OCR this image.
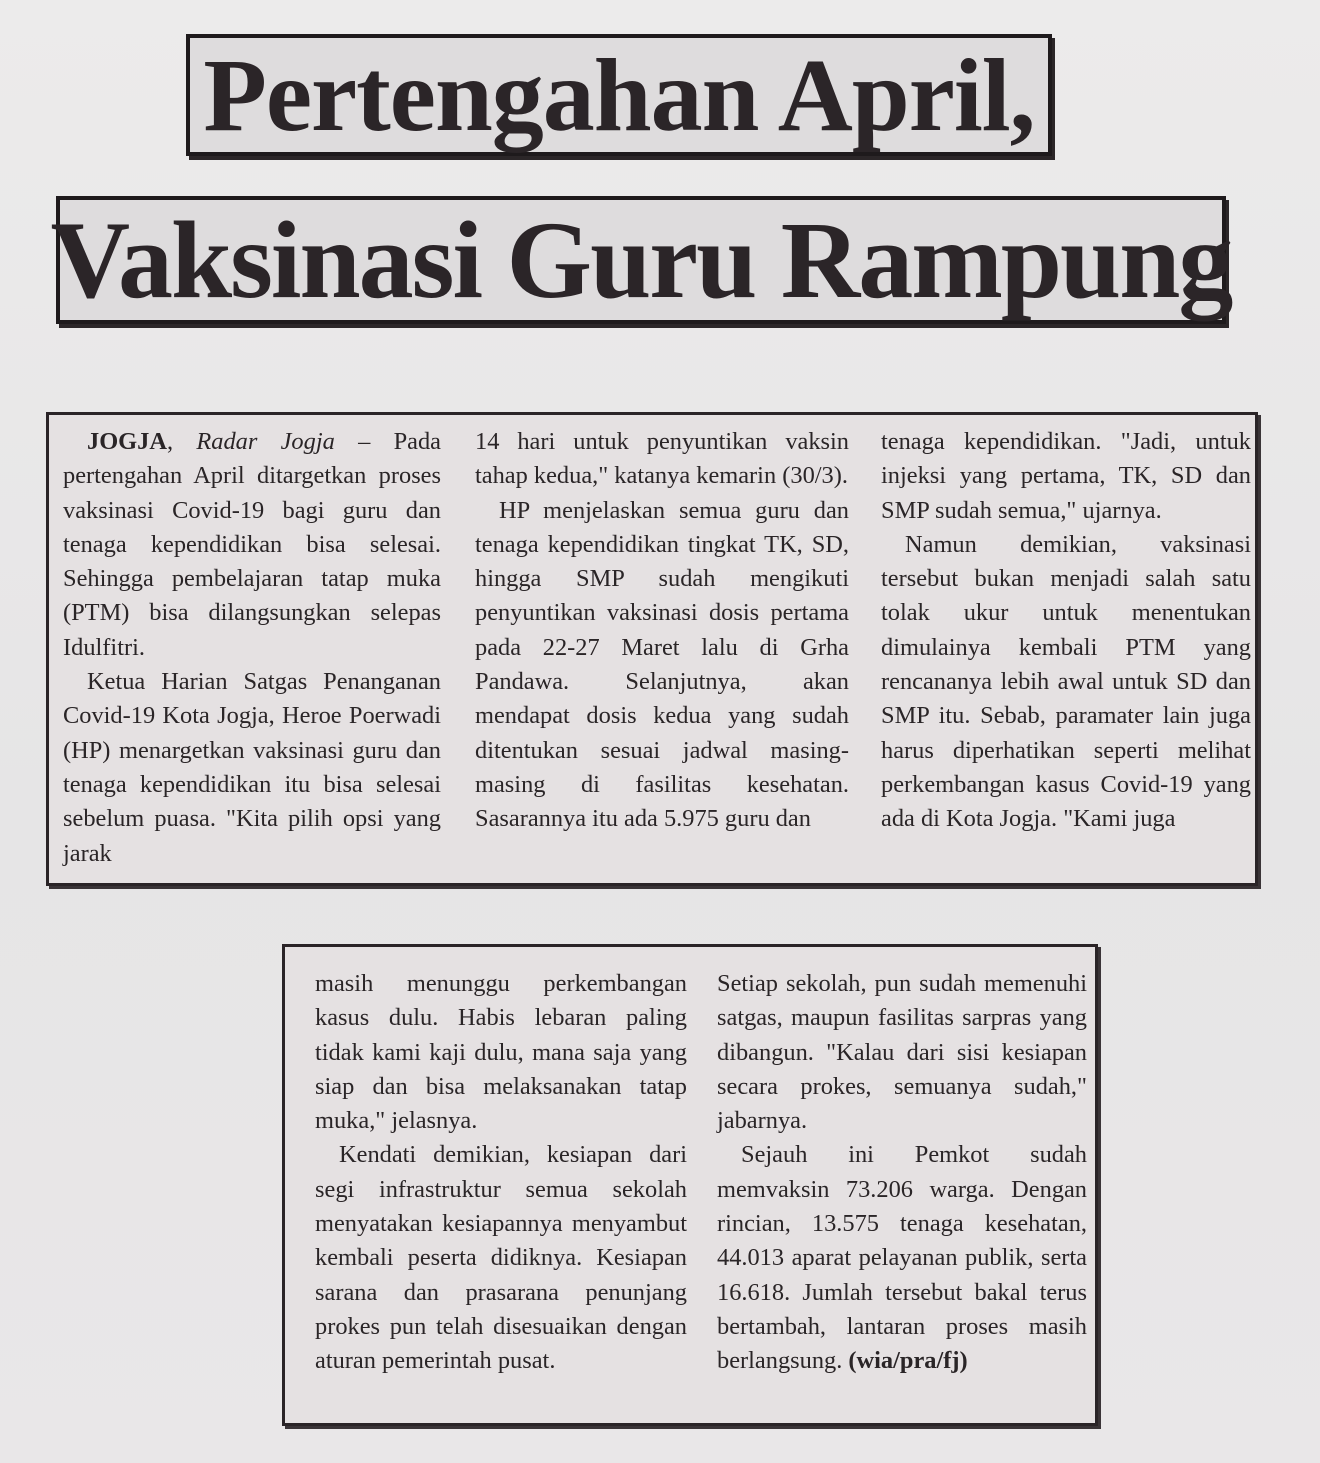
Pertengahan April,
Vaksinasi Guru Rampung

JOGJA, Radar Jogja – Pada pertengahan April ditargetkan proses vaksinasi Covid-19 bagi guru dan tenaga kependidikan bisa selesai. Sehingga pembelajaran tatap muka (PTM) bisa dilangsungkan selepas Idulfitri.

Ketua Harian Satgas Penanganan Covid-19 Kota Jogja, Heroe Poerwadi (HP) menargetkan vaksinasi guru dan tenaga kependidikan itu bisa selesai sebelum puasa. "Kita pilih opsi yang jarak

14 hari untuk penyuntikan vaksin tahap kedua," katanya kemarin (30/3).

HP menjelaskan semua guru dan tenaga kependidikan tingkat TK, SD, hingga SMP sudah mengikuti penyuntikan vaksinasi dosis pertama pada 22-27 Maret lalu di Grha Pandawa. Selanjutnya, akan mendapat dosis kedua yang sudah ditentukan sesuai jadwal masing-masing di fasilitas kesehatan. Sasarannya itu ada 5.975 guru dan

tenaga kependidikan. "Jadi, untuk injeksi yang pertama, TK, SD dan SMP sudah semua," ujarnya.

Namun demikian, vaksinasi tersebut bukan menjadi salah satu tolak ukur untuk menentukan dimulainya kembali PTM yang rencananya lebih awal untuk SD dan SMP itu. Sebab, paramater lain juga harus diperhatikan seperti melihat perkembangan kasus Covid-19 yang ada di Kota Jogja. "Kami juga

masih menunggu perkembangan kasus dulu. Habis lebaran paling tidak kami kaji dulu, mana saja yang siap dan bisa melaksanakan tatap muka," jelasnya.

Kendati demikian, kesiapan dari segi infrastruktur semua sekolah menyatakan kesiapannya menyambut kembali peserta didiknya. Kesiapan sarana dan prasarana penunjang prokes pun telah disesuaikan dengan aturan pemerintah pusat.

Setiap sekolah, pun sudah memenuhi satgas, maupun fasilitas sarpras yang dibangun. "Kalau dari sisi kesiapan secara prokes, semuanya sudah," jabarnya.

Sejauh ini Pemkot sudah memvaksin 73.206 warga. Dengan rincian, 13.575 tenaga kesehatan, 44.013 aparat pelayanan publik, serta 16.618. Jumlah tersebut bakal terus bertambah, lantaran proses masih berlangsung. (wia/pra/fj)
